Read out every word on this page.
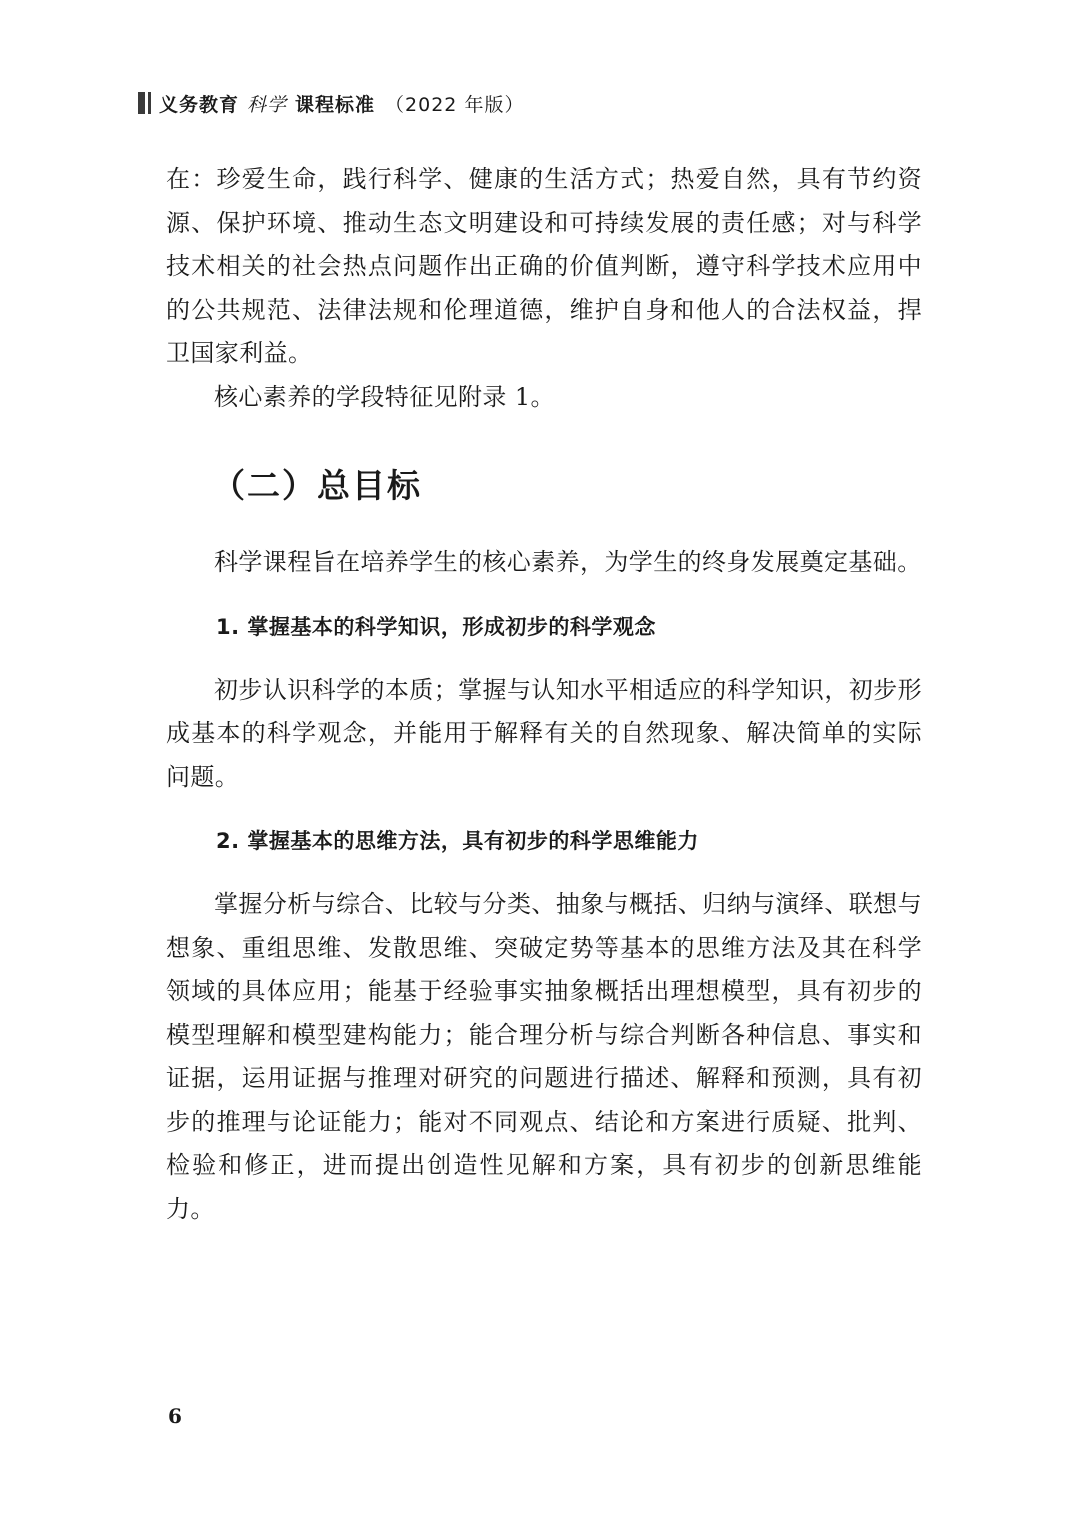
义务教育 科学 课程标准 （2022 年版）

在：珍爱生命，践行科学、健康的生活方式；热爱自然，具有节约资源、保护环境、推动生态文明建设和可持续发展的责任感；对与科学技术相关的社会热点问题作出正确的价值判断，遵守科学技术应用中的公共规范、法律法规和伦理道德，维护自身和他人的合法权益，捍卫国家利益。

核心素养的学段特征见附录 1。

（二）总目标

科学课程旨在培养学生的核心素养，为学生的终身发展奠定基础。

1. 掌握基本的科学知识，形成初步的科学观念

初步认识科学的本质；掌握与认知水平相适应的科学知识，初步形成基本的科学观念，并能用于解释有关的自然现象、解决简单的实际问题。

2. 掌握基本的思维方法，具有初步的科学思维能力

掌握分析与综合、比较与分类、抽象与概括、归纳与演绎、联想与想象、重组思维、发散思维、突破定势等基本的思维方法及其在科学领域的具体应用；能基于经验事实抽象概括出理想模型，具有初步的模型理解和模型建构能力；能合理分析与综合判断各种信息、事实和证据，运用证据与推理对研究的问题进行描述、解释和预测，具有初步的推理与论证能力；能对不同观点、结论和方案进行质疑、批判、检验和修正，进而提出创造性见解和方案，具有初步的创新思维能力。

6
